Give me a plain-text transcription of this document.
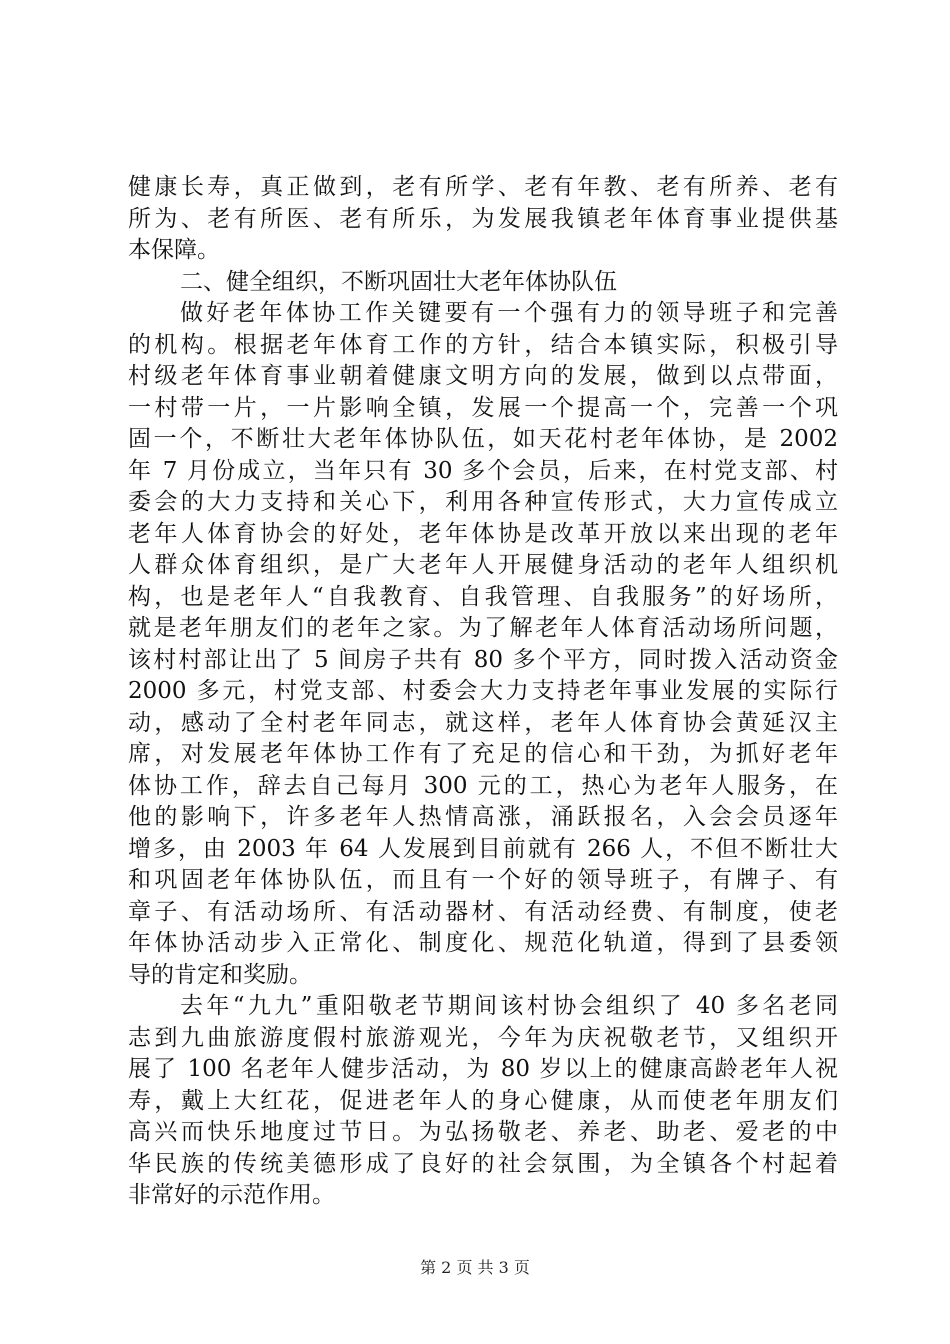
健康长寿，真正做到，老有所学、老有年教、老有所养、老有
所为、老有所医、老有所乐，为发展我镇老年体育事业提供基
本保障。
二、健全组织，不断巩固壮大老年体协队伍
做好老年体协工作关键要有一个强有力的领导班子和完善
的机构。根据老年体育工作的方针，结合本镇实际，积极引导
村级老年体育事业朝着健康文明方向的发展，做到以点带面，
一村带一片，一片影响全镇，发展一个提高一个，完善一个巩
固一个，不断壮大老年体协队伍，如天花村老年体协，是 2002
年 7 月份成立，当年只有 30 多个会员，后来，在村党支部、村
委会的大力支持和关心下，利用各种宣传形式，大力宣传成立
老年人体育协会的好处，老年体协是改革开放以来出现的老年
人群众体育组织，是广大老年人开展健身活动的老年人组织机
构，也是老年人“自我教育、自我管理、自我服务”的好场所，
就是老年朋友们的老年之家。为了解老年人体育活动场所问题，
该村村部让出了 5 间房子共有 80 多个平方，同时拨入活动资金
2000 多元，村党支部、村委会大力支持老年事业发展的实际行
动，感动了全村老年同志，就这样，老年人体育协会黄延汉主
席，对发展老年体协工作有了充足的信心和干劲，为抓好老年
体协工作，辞去自己每月 300 元的工，热心为老年人服务，在
他的影响下，许多老年人热情高涨，涌跃报名，入会会员逐年
增多，由 2003 年 64 人发展到目前就有 266 人，不但不断壮大
和巩固老年体协队伍，而且有一个好的领导班子，有牌子、有
章子、有活动场所、有活动器材、有活动经费、有制度，使老
年体协活动步入正常化、制度化、规范化轨道，得到了县委领
导的肯定和奖励。
去年“九九”重阳敬老节期间该村协会组织了 40 多名老同
志到九曲旅游度假村旅游观光，今年为庆祝敬老节，又组织开
展了 100 名老年人健步活动，为 80 岁以上的健康高龄老年人祝
寿，戴上大红花，促进老年人的身心健康，从而使老年朋友们
高兴而快乐地度过节日。为弘扬敬老、养老、助老、爱老的中
华民族的传统美德形成了良好的社会氛围，为全镇各个村起着
非常好的示范作用。
第 2 页 共 3 页
